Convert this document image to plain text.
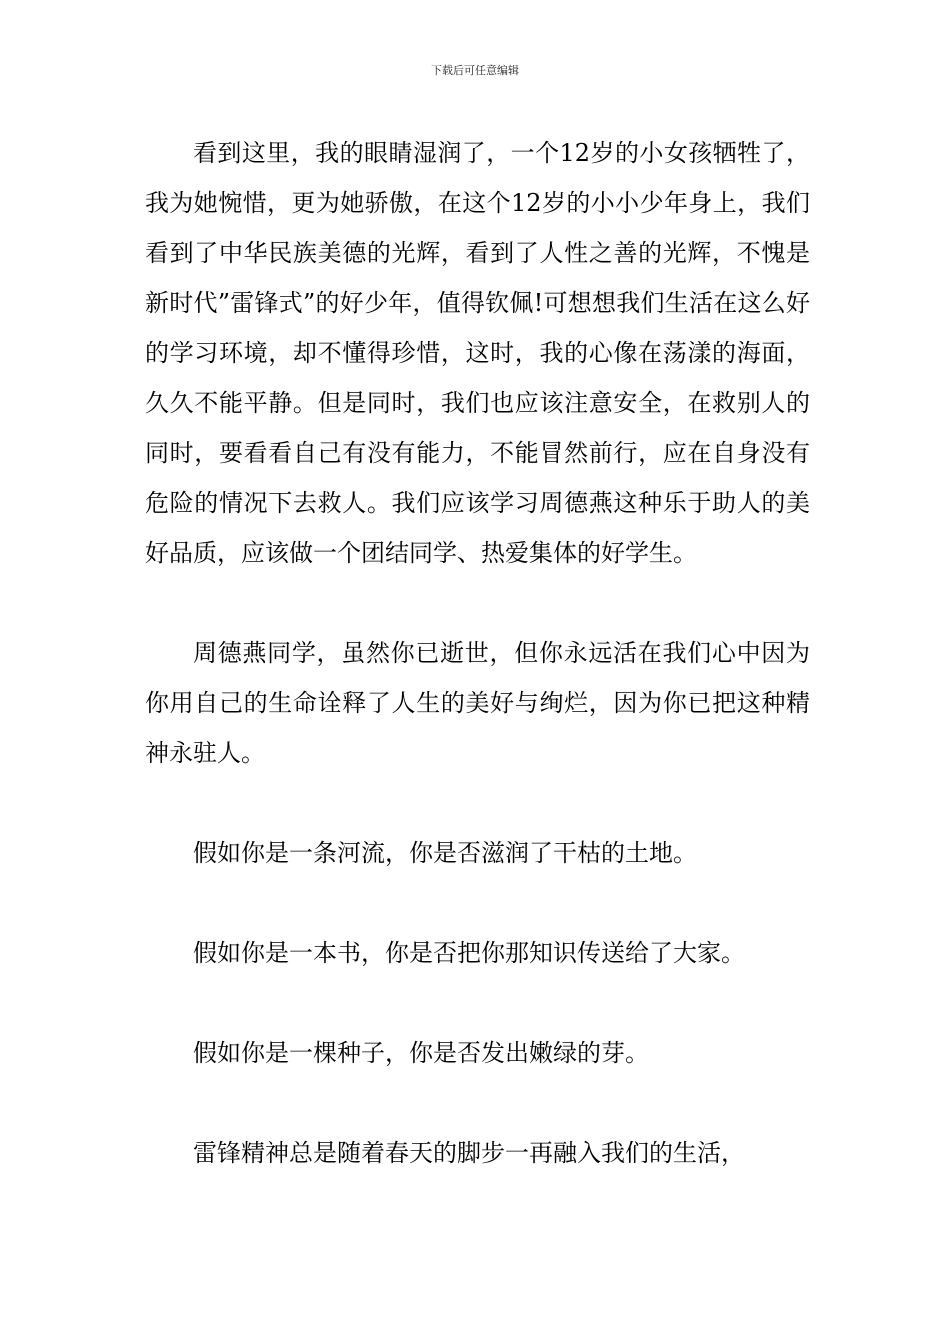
下载后可任意编辑

看到这里，我的眼睛湿润了，一个12岁的小女孩牺牲了，我为她惋惜，更为她骄傲，在这个12岁的小小少年身上，我们看到了中华民族美德的光辉，看到了人性之善的光辉，不愧是新时代”雷锋式”的好少年，值得钦佩!可想想我们生活在这么好的学习环境，却不懂得珍惜，这时，我的心像在荡漾的海面，久久不能平静。但是同时，我们也应该注意安全，在救别人的同时，要看看自己有没有能力，不能冒然前行，应在自身没有危险的情况下去救人。我们应该学习周德燕这种乐于助人的美好品质，应该做一个团结同学、热爱集体的好学生。

周德燕同学，虽然你已逝世，但你永远活在我们心中因为你用自己的生命诠释了人生的美好与绚烂，因为你已把这种精神永驻人。

假如你是一条河流，你是否滋润了干枯的土地。

假如你是一本书，你是否把你那知识传送给了大家。

假如你是一棵种子，你是否发出嫩绿的芽。

雷锋精神总是随着春天的脚步一再融入我们的生活，
